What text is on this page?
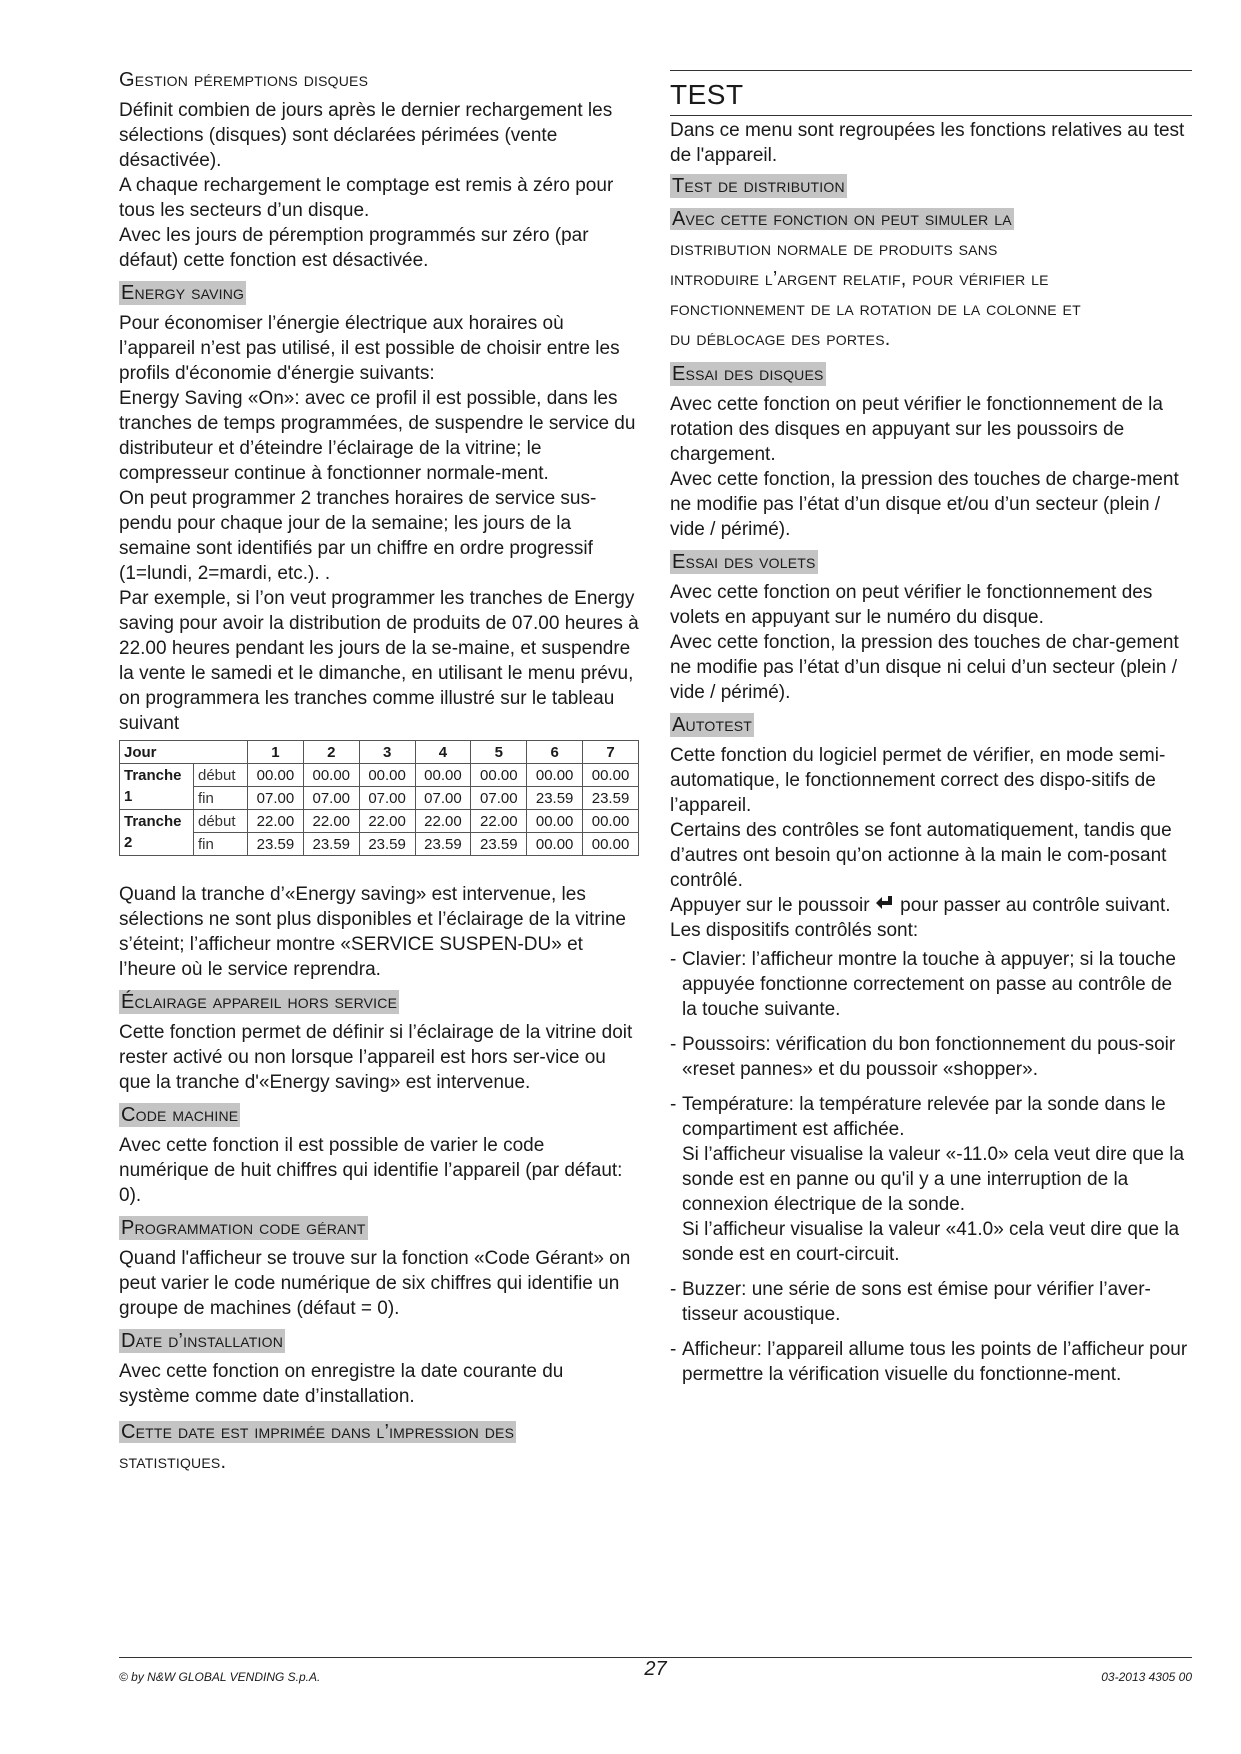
Gestion péremptions disques

Définit combien de jours après le dernier rechargement les sélections (disques) sont déclarées périmées (vente désactivée).

A chaque rechargement le comptage est remis à zéro pour tous les secteurs d’un disque.

Avec les jours de péremption programmés sur zéro (par défaut) cette fonction est désactivée.

Energy saving

Pour économiser l’énergie électrique aux horaires où l’appareil n’est pas utilisé, il est possible de choisir entre les profils d'économie d'énergie suivants:

Energy Saving «On»: avec ce profil il est possible, dans les tranches de temps programmées, de suspendre le service du distributeur et d’éteindre l’éclairage de la vitrine; le compresseur continue à fonctionner normale-ment.

On peut programmer 2 tranches horaires de service sus-pendu pour chaque jour de la semaine; les jours de la semaine sont identifiés par un chiffre en ordre progressif (1=lundi, 2=mardi, etc.). .

Par exemple, si l’on veut programmer les tranches de Energy saving pour avoir la distribution de produits de 07.00 heures à 22.00 heures pendant les jours de la se-maine, et suspendre la vente le samedi et le dimanche, en utilisant le menu prévu, on programmera les tranches comme illustré sur le tableau suivant

Jour		1	2	3	4	5	6	7
Tranche 1	début	00.00	00.00	00.00	00.00	00.00	00.00	00.00
	fin	07.00	07.00	07.00	07.00	07.00	23.59	23.59
Tranche 2	début	22.00	22.00	22.00	22.00	22.00	00.00	00.00
	fin	23.59	23.59	23.59	23.59	23.59	00.00	00.00

Quand la tranche d’«Energy saving» est intervenue, les sélections ne sont plus disponibles et l’éclairage de la vitrine s’éteint; l’afficheur montre «SERVICE SUSPEN-DU» et l’heure où le service reprendra.

Éclairage appareil hors service

Cette fonction permet de définir si l’éclairage de la vitrine doit rester activé ou non lorsque l’appareil est hors ser-vice ou que la tranche d'«Energy saving» est intervenue.

Code machine

Avec cette fonction il est possible de varier le code numérique de huit chiffres qui identifie l’appareil (par défaut: 0).

Programmation code gérant

Quand l'afficheur se trouve sur la fonction «Code Gérant» on peut varier le code numérique de six chiffres qui identifie un groupe de machines (défaut = 0).

Date d’installation

Avec cette fonction on enregistre la date courante du système comme date d’installation.

Cette date est imprimée dans l’impression des
statistiques.
TEST

Dans ce menu sont regroupées les fonctions relatives au test de l'appareil.

Test de distribution
Avec cette fonction on peut simuler la
distribution normale de produits sans
introduire l’argent relatif, pour vérifier le
fonctionnement de la rotation de la colonne et
du déblocage des portes.
Essai des disques

Avec cette fonction on peut vérifier le fonctionnement de la rotation des disques en appuyant sur les poussoirs de chargement.

Avec cette fonction, la pression des touches de charge-ment ne modifie pas l’état d’un disque et/ou d’un secteur (plein / vide / périmé).

Essai des volets

Avec cette fonction on peut vérifier le fonctionnement des volets en appuyant sur le numéro du disque.

Avec cette fonction, la pression des touches de char-gement ne modifie pas l’état d’un disque ni celui d’un secteur (plein / vide / périmé).

Autotest

Cette fonction du logiciel permet de vérifier, en mode semi-automatique, le fonctionnement correct des dispo-sitifs de l’appareil.

Certains des contrôles se font automatiquement, tandis que d’autres ont besoin qu’on actionne à la main le com-posant contrôlé.

Appuyer sur le poussoir  pour passer au contrôle suivant.

Les dispositifs contrôlés sont:

- Clavier: l’afficheur montre la touche à appuyer; si la touche appuyée fonctionne correctement on passe au contrôle de la touche suivante.
- Poussoirs: vérification du bon fonctionnement du pous-soir «reset pannes» et du poussoir «shopper».
- Température: la température relevée par la sonde dans le compartiment est affichée.
Si l’afficheur visualise la valeur «-11.0» cela veut dire que la sonde est en panne ou qu'il y a une interruption de la connexion électrique de la sonde.
Si l’afficheur visualise la valeur «41.0» cela veut dire que la sonde est en court-circuit.
- Buzzer: une série de sons est émise pour vérifier l’aver-tisseur acoustique.
- Afficheur: l’appareil allume tous les points de l’afficheur pour permettre la vérification visuelle du fonctionne-ment.
© by N&W GLOBAL VENDING S.p.A.	27	03-2013 4305 00
